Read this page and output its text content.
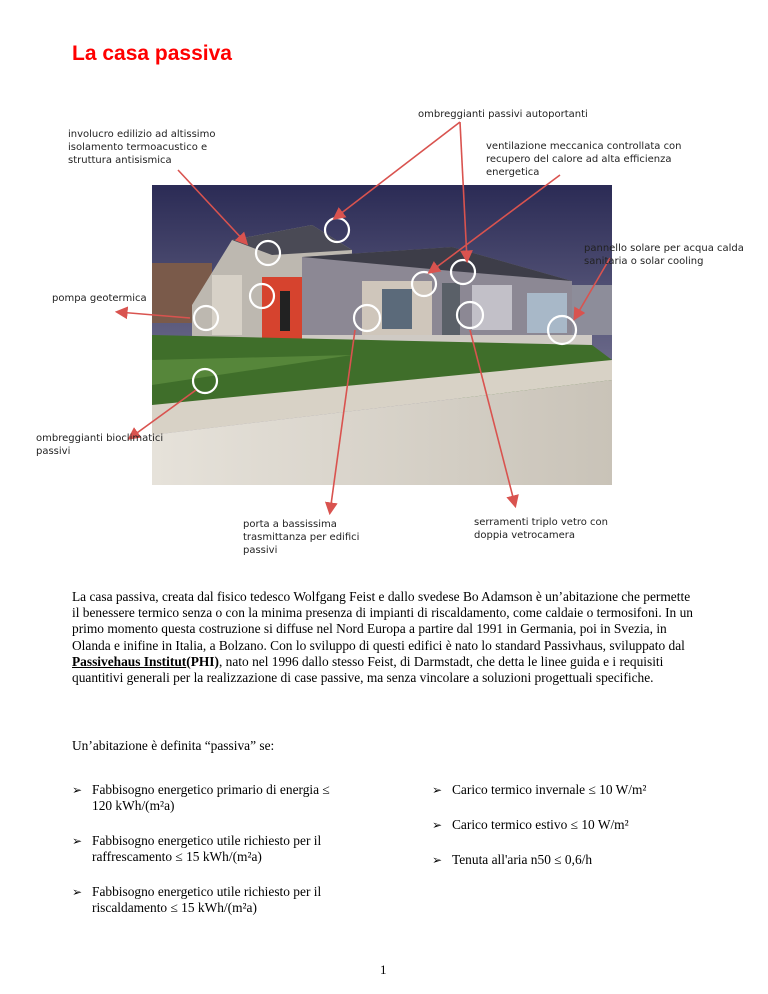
La casa passiva
involucro edilizio ad altissimo isolamento termoacustico e struttura antisismica
ombreggianti passivi autoportanti
ventilazione meccanica controllata con recupero del calore ad alta efficienza energetica
pannello solare per acqua calda sanitaria o solar cooling
pompa geotermica
ombreggianti bioclimatici passivi
porta a bassissima trasmittanza per edifici passivi
serramenti triplo vetro con doppia vetrocamera

La casa passiva, creata dal fisico tedesco Wolfgang Feist e dallo svedese Bo Adamson è un’abitazione che permette il benessere termico senza o con la minima presenza di impianti di riscaldamento, come caldaie o termosifoni. In un primo momento questa costruzione si diffuse nel Nord Europa a partire dal 1991 in Germania, poi in Svezia, in Olanda e inifine in Italia, a Bolzano. Con lo sviluppo di questi edifici è nato lo standard Passivhaus, sviluppato dal Passivehaus Institut(PHI), nato nel 1996 dallo stesso Feist, di Darmstadt, che detta le linee guida e i requisiti quantitivi generali per la realizzazione di case passive, ma senza vincolare a soluzioni progettuali specifiche.

Un’abitazione è definita “passiva” se:

➢ Fabbisogno energetico primario di energia ≤ 120 kWh/(m²a)
➢ Fabbisogno energetico utile richiesto per il raffrescamento ≤ 15 kWh/(m²a)
➢ Fabbisogno energetico utile richiesto per il riscaldamento ≤ 15 kWh/(m²a)
➢ Carico termico invernale ≤ 10 W/m²
➢ Carico termico estivo ≤ 10 W/m²
➢ Tenuta all'aria n50 ≤ 0,6/h
1
